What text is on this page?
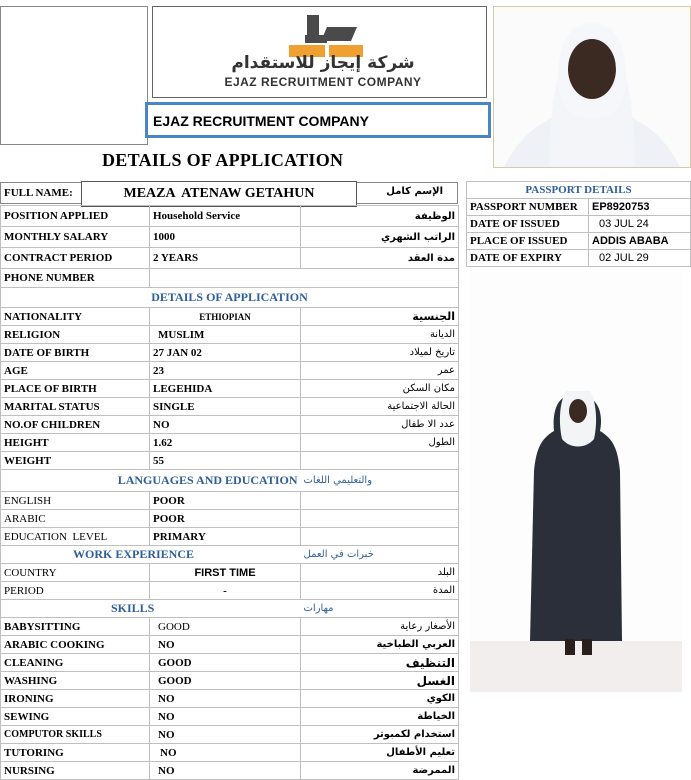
شركة إيجاز للاستقدام
EJAZ RECRUITMENT COMPANY
EJAZ RECRUITMENT COMPANY
DETAILS OF APPLICATION
FULL NAME:	MEAZA  ATENAW GETAHUN	الإسم كامل
POSITION APPLIED	Household Service	الوظيفة
MONTHLY SALARY	1000	الراتب الشهري
CONTRACT PERIOD	2 YEARS	مدة العقد
PHONE NUMBER		
DETAILS OF APPLICATION		
NATIONALITY	ETHIOPIAN	الجنسية
RELIGION	MUSLIM	الديانة
DATE OF BIRTH	27 JAN 02	تاريخ لميلاد
AGE	23	عمر
PLACE OF BIRTH	LEGEHIDA	مكان السكن
MARITAL STATUS	SINGLE	الحالة الاجتماعية
NO.OF CHILDREN	NO	عدد الا طفال
HEIGHT	1.62	الطول
WEIGHT	55	
LANGUAGES AND EDUCATION		والتعليمي اللغات
ENGLISH	POOR	
ARABIC	POOR	
EDUCATION  LEVEL	PRIMARY	
WORK EXPERIENCE		خبرات في العمل
COUNTRY	FIRST TIME	البلد
PERIOD	-	المدة
SKILLS		مهارات
BABYSITTING	GOOD	الأصغار رعاية
ARABIC COOKING	NO	العربي الطباخية
CLEANING	GOOD	التنظيف
WASHING	GOOD	الغسل
IRONING	NO	الكوي
SEWING	NO	الخياطة
COMPUTOR SKILLS	NO	استخدام لكمبوتر
TUTORING	NO	تعليم الأطفال
NURSING	NO	الممرضة
PASSPORT DETAILS	
PASSPORT NUMBER	EP8920753
DATE OF ISSUED	03 JUL 24
PLACE OF ISSUED	ADDIS ABABA
DATE OF EXPIRY	02 JUL 29
